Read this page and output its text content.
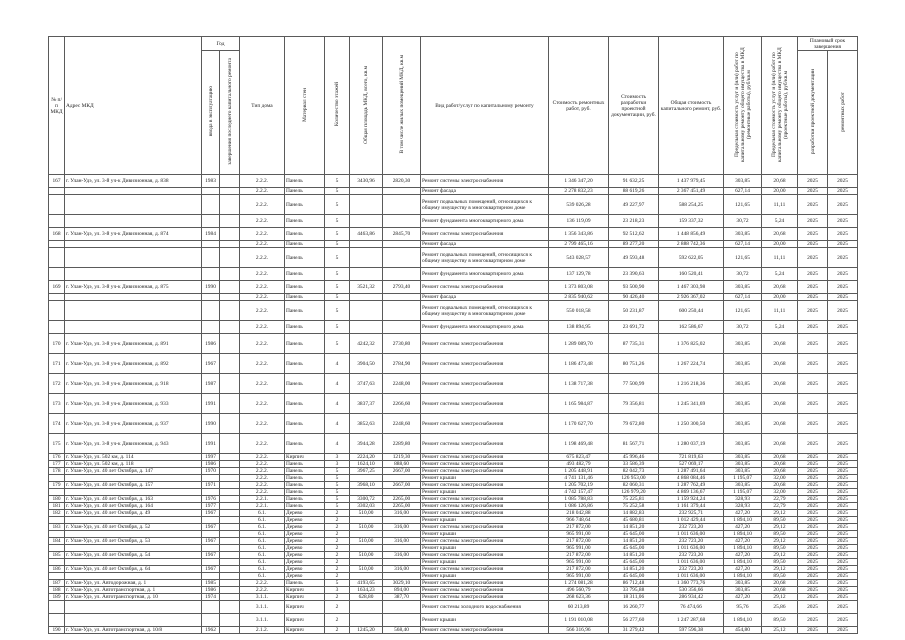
№ п/п МКД	Адрес МКД	Год		Тип дома	Материал стен	Количество этажей	Общая площадь МКД, всего, кв.м	В том числе жилых помещений МКД, кв.м	Вид работ/услуг по капитальному ремонту	Стоимость ремонтных работ, руб.	Стоимость разработки проектной документации, руб.	Общая стоимость капитального ремонт, руб.	Предельная стоимость услуг и (или) работ по капитальному ремонту общего имущества в МКД (ремонтные работы), руб/кв.м	Предельная стоимость услуг и (или) работ по капитальному ремонту общего имущества в МКД (проектные работы), руб/кв.м	Плановый срок завершения	
		ввода в эксплуатацию	завершения последнего капитального ремонта												разработки проектной документации	ремонтных работ
167	г. Улан-Удэ, ул. 3-й уч-к Дивизионная, д. 838	1983		2.2.2.	Панель	5	3430,96	2820,30	Ремонт системы электроснабжения	1 346 347,20	91 632,25	1 437 979,45	303,85	20,68	2025	2025
				2.2.2.	Панель	5			Ремонт фасада	2 278 832,23	88 619,26	2 367 451,49	627,14	20,00	2025	2025
				2.2.2.	Панель	5			Ремонт подвальных помещений, относящихся к общему имуществу в многоквартирном доме	539 026,28	49 227,97	588 254,25	121,65	11,11	2025	2025
				2.2.2.	Панель	5			Ремонт фундамента многоквартирного дома	136 119,09	23 218,23	159 337,32	30,72	5,24	2025	2025
168	г. Улан-Удэ, ул. 3-й уч-к Дивизионная, д. 874	1984		2.2.2.	Панель	5	4463,86	2845,70	Ремонт системы электроснабжения	1 356 343,86	92 512,62	1 448 856,49	303,85	20,68	2025	2025
				2.2.2.	Панель	5			Ремонт фасада	2 799 465,16	89 277,20	2 888 742,36	627,14	20,00	2025	2025
				2.2.2.	Панель	5			Ремонт подвальных помещений, относящихся к общему имуществу в многоквартирном доме	543 028,57	49 593,48	592 622,05	121,65	11,11	2025	2025
				2.2.2.	Панель	5			Ремонт фундамента многоквартирного дома	137 129,78	23 390,63	160 520,41	30,72	5,24	2025	2025
169	г. Улан-Удэ, ул. 3-й уч-к Дивизионная, д. 875	1990		2.2.2.	Панель	5	3521,32	2793,40	Ремонт системы электроснабжения	1 373 803,08	93 500,90	1 467 303,98	303,85	20,68	2025	2025
				2.2.2.	Панель	5			Ремонт фасада	2 835 940,62	90 426,40	2 926 367,02	627,14	20,00	2025	2025
				2.2.2.	Панель	5			Ремонт подвальных помещений, относящихся к общему имуществу в многоквартирном доме	550 018,58	50 231,87	600 250,44	121,65	11,11	2025	2025
				2.2.2.	Панель	5			Ремонт фундамента многоквартирного дома	138 894,95	23 691,72	162 586,67	30,72	5,24	2025	2025
170	г. Улан-Удэ, ул. 3-й уч-к Дивизионная, д. 891	1986		2.2.2.	Панель	5	4242,32	2730,80	Ремонт системы электроснабжения	1 289 089,70	87 735,31	1 376 825,02	303,85	20,68	2025	2025
171	г. Улан-Удэ, ул. 3-й уч-к Дивизионная, д. 892	1967		2.2.2.	Панель	4	3904,50	2784,90	Ремонт системы электроснабжения	1 186 473,48	80 751,26	1 267 224,74	303,85	20,68	2025	2025
172	г. Улан-Удэ, ул. 3-й уч-к Дивизионная, д. 918	1987		2.2.2.	Панель	4	3747,63	2248,00	Ремонт системы электроснабжения	1 138 717,38	77 500,99	1 216 218,36	303,85	20,68	2025	2025
173	г. Улан-Удэ, ул. 3-й уч-к Дивизионная, д. 933	1991		2.2.2.	Панель	4	3837,37	2266,60	Ремонт системы электроснабжения	1 165 984,87	79 356,81	1 245 341,69	303,85	20,68	2025	2025
174	г. Улан-Удэ, ул. 3-й уч-к Дивизионная, д. 937	1990		2.2.2.	Панель	4	3852,63	2248,60	Ремонт системы электроснабжения	1 170 627,70	79 672,80	1 250 300,50	303,85	20,68	2025	2025
175	г. Улан-Удэ, ул. 3-й уч-к Дивизионная, д. 943	1991		2.2.2.	Панель	4	3944,28	2289,80	Ремонт системы электроснабжения	1 198 469,48	81 567,71	1 280 037,19	303,85	20,68	2025	2025
176	г. Улан-Удэ, ул. 502 км, д. 114	1997		2.2.2.	Кирпич	3	2224,20	1219,30	Ремонт системы электроснабжения	675 823,47	45 996,46	721 819,63	303,85	20,68	2025	2025
177	г. Улан-Удэ, ул. 502 км, д. 118	1986		2.2.2.	Панель	3	1624,10	888,60	Ремонт системы электроснабжения	493 482,79	33 586,39	527 069,17	303,85	20,68	2025	2025
178	г. Улан-Удэ, ул. 40 лет Октября, д. 147	1970		2.2.2.	Панель	5	3967,25	2667,00	Ремонт системы электроснабжения	1 205 448,91	82 042,73	1 287 491,64	303,85	20,68	2025	2025
				2.2.2.	Панель	5			Ремонт крыши	4 741 131,46	126 953,00	4 868 084,46	1 195,07	32,00	2025	2025
179	г. Улан-Удэ, ул. 40 лет Октября, д. 157	1971		2.2.2.	Панель	5	3968,10	2667,00	Ремонт системы электроснабжения	1 205 702,19	82 060,31	1 287 762,49	303,85	20,68	2025	2025
				2.2.2.	Панель	5			Ремонт крыши	4 742 157,47	126 979,20	4 869 136,67	1 195,07	32,00	2025	2025
180	г. Улан-Удэ, ул. 40 лет Октября, д. 163	1976		2.2.1.	Панель	5	3300,72	2265,00	Ремонт системы электроснабжения	1 085 788,83	75 225,81	1 159 924,24	328,93	22,79	2025	2025
181	г. Улан-Удэ, ул. 40 лет Октября, д. 164	1977		2.2.1.	Панель	5	3302,03	2265,00	Ремонт системы электроснабжения	1 086 126,86	75 252,58	1 161 379,44	328,93	22,79	2025	2025
182	г. Улан-Удэ, ул. 40 лет Октября, д. 49	1967		6.1.	Дерево	2	510,00	316,00	Ремонт системы электроснабжения	218 042,88	14 882,83	232 925,71	427,20	29,12	2025	2025
				6.1.	Дерево	2			Ремонт крыши	966 748,64	45 680,81	1 012 429,44	1 894,10	89,50	2025	2025
183	г. Улан-Удэ, ул. 40 лет Октября, д. 52	1967		6.1.	Дерево	2	510,00	316,00	Ремонт системы электроснабжения	217 872,00	14 851,20	232 723,20	427,20	29,12	2025	2025
				6.1.	Дерево	2			Ремонт крыши	965 991,00	45 645,00	1 011 636,00	1 894,10	89,50	2025	2025
184	г. Улан-Удэ, ул. 40 лет Октября, д. 53	1967		6.1.	Дерево	2	510,00	316,00	Ремонт системы электроснабжения	217 872,00	14 851,20	232 723,20	427,20	29,12	2025	2025
				6.1.	Дерево	2			Ремонт крыши	965 991,00	45 645,00	1 011 636,00	1 894,10	89,50	2025	2025
185	г. Улан-Удэ, ул. 40 лет Октября, д. 54	1967		6.1.	Дерево	2	510,00	316,00	Ремонт системы электроснабжения	217 872,00	14 851,20	232 723,20	427,20	29,12	2025	2025
				6.1.	Дерево	2			Ремонт крыши	965 991,00	45 645,00	1 011 636,00	1 894,10	89,50	2025	2025
186	г. Улан-Удэ, ул. 40 лет Октября, д. 64	1967		6.1.	Дерево	2	510,00	316,00	Ремонт системы электроснабжения	217 872,00	14 851,20	232 723,20	427,20	29,12	2025	2025
				6.1.	Дерево	2			Ремонт крыши	965 991,00	45 645,00	1 011 636,00	1 894,10	89,50	2025	2025
187	г. Улан-Удэ, ул. Автодорожная, д. 1	1985		2.2.2.	Панель	5	4193,65	3029,10	Ремонт системы электроснабжения	1 274 081,28	86 712,48	1 360 773,76	303,85	20,68	2025	2025
188	г. Улан-Удэ, ул. Автотранспортная, д. 1	1986		2.2.2.	Кирпич	3	1634,23	894,00	Ремонт системы электроснабжения	496 560,79	33 795,88	530 356,66	303,85	20,68	2025	2025
189	г. Улан-Удэ, ул. Автотранспортная, д. 10	1974		3.1.1.	Кирпич	2	628,80	387,70	Ремонт системы электроснабжения	268 623,36	18 311,06	286 934,42	427,20	29,12	2025	2025
				3.1.1.	Кирпич	2			Ремонт системы холодного водоснабжения	60 213,89	16 260,77	76 474,66	95,76	25,86	2025	2025
				3.1.1.	Кирпич	2			Ремонт крыши	1 191 010,08	56 277,60	1 247 287,68	1 894,10	89,50	2025	2025
190	г. Улан-Удэ, ул. Автотранспортная, д. 10/8	1962		2.1.2.	Кирпич	2	1245,20	568,40	Ремонт системы электроснабжения	566 316,96	31 279,42	597 596,38	454,80	25,12	2025	2025
